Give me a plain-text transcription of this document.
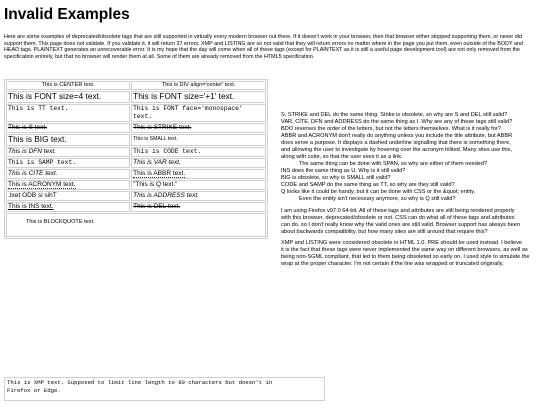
Invalid Examples
Here are some examples of deprecated/obsolete tags that are still supported in virtually every modern browser out there. If it doesn't work in your browser, then that browser either stopped supporting them, or never did support them. This page does not validate. If you validate it, it will return 37 errors. XMP and LISTING are so not valid that they will return errors no matter where in the page you put them, even outside of the BODY and HEAD tags. PLAINTEXT generates an unrecoverable error. It is my hope that the day will come when all of these tags (except for PLAINTEXT as it is still a useful page development tool) are not only removed from the specification entirely, but that no browser will render them at all. Some of them are already removed from the HTML5 specification.
This is CENTER text.	This is DIV align='center' text.
This is FONT size=4 text.	This is FONT size='+1' text.
This is TT text.	This is FONT face='monospace' text.
This is S text.	This is STRIKE text.
This is BIG text.	This is SMALL text.
This is DFN text.	This is CODE text.
This is SAMP text.	This is VAR text.
This is CITE text.	This is ABBR text.
This is ACRONYM text.	"This is Q text."
This is BDO text.	This is ADDRESS text.
This is INS text.	This is DEL text.

This is BLOCKQUOTE text.	

S, STRIKE and DEL do the same thing. Strike is obsolete, so why are S and DEL still valid?
VAR, CITE, DFN and ADDRESS do the same thing as I. Why are any of these tags still valid?
BDO reverses the order of the letters, but not the letters themselves. What is it really for?
ABBR and ACRONYM don't really do anything unless you include the title attribute, but ABBR
does serve a purpose. It displays a dashed underline signalling that there is something there,
and allowing the user to investigate by hovering over the acronym hilited. Many sites use this,
along with color, so that the user sees it as a link.
The same thing can be done with SPAN, so why are either of them needed?
INS does the same thing as U. Why is it still valid?
BIG is obsolete, so why is SMALL still valid?
CODE and SAMP do the same thing as TT, so why are they still valid?
Q looks like it could be handy, but it can be done with CSS or the &quot; entity.
Even the entity isn't necessary anymore, so why is Q still valid?

I am using Firefox v97.0 64-bit. All of these tags and attributes are still being rendered properly
with this browser, deprecated/obsolete or not. CSS can do what all of these tags and attributes
can do, so I don't really know why the valid ones are still valid. Browser support has always been
about backwards compatibility, but how many sites are still around that require this?

XMP and LISTING were considered obsolete in HTML 1.0. PRE should be used instead. I believe
it is the fact that these tags were never implemented the same way on different browsers, as well as
being non-SGML compliant, that led to them being obsoleted so early on. I used style to simulate the
wrap at the proper character. I'm not certain if the line was wrapped or truncated originally.

This is XMP text. Supposed to limit line length to 80 characters but doesn't in
Firefox or Edge.
